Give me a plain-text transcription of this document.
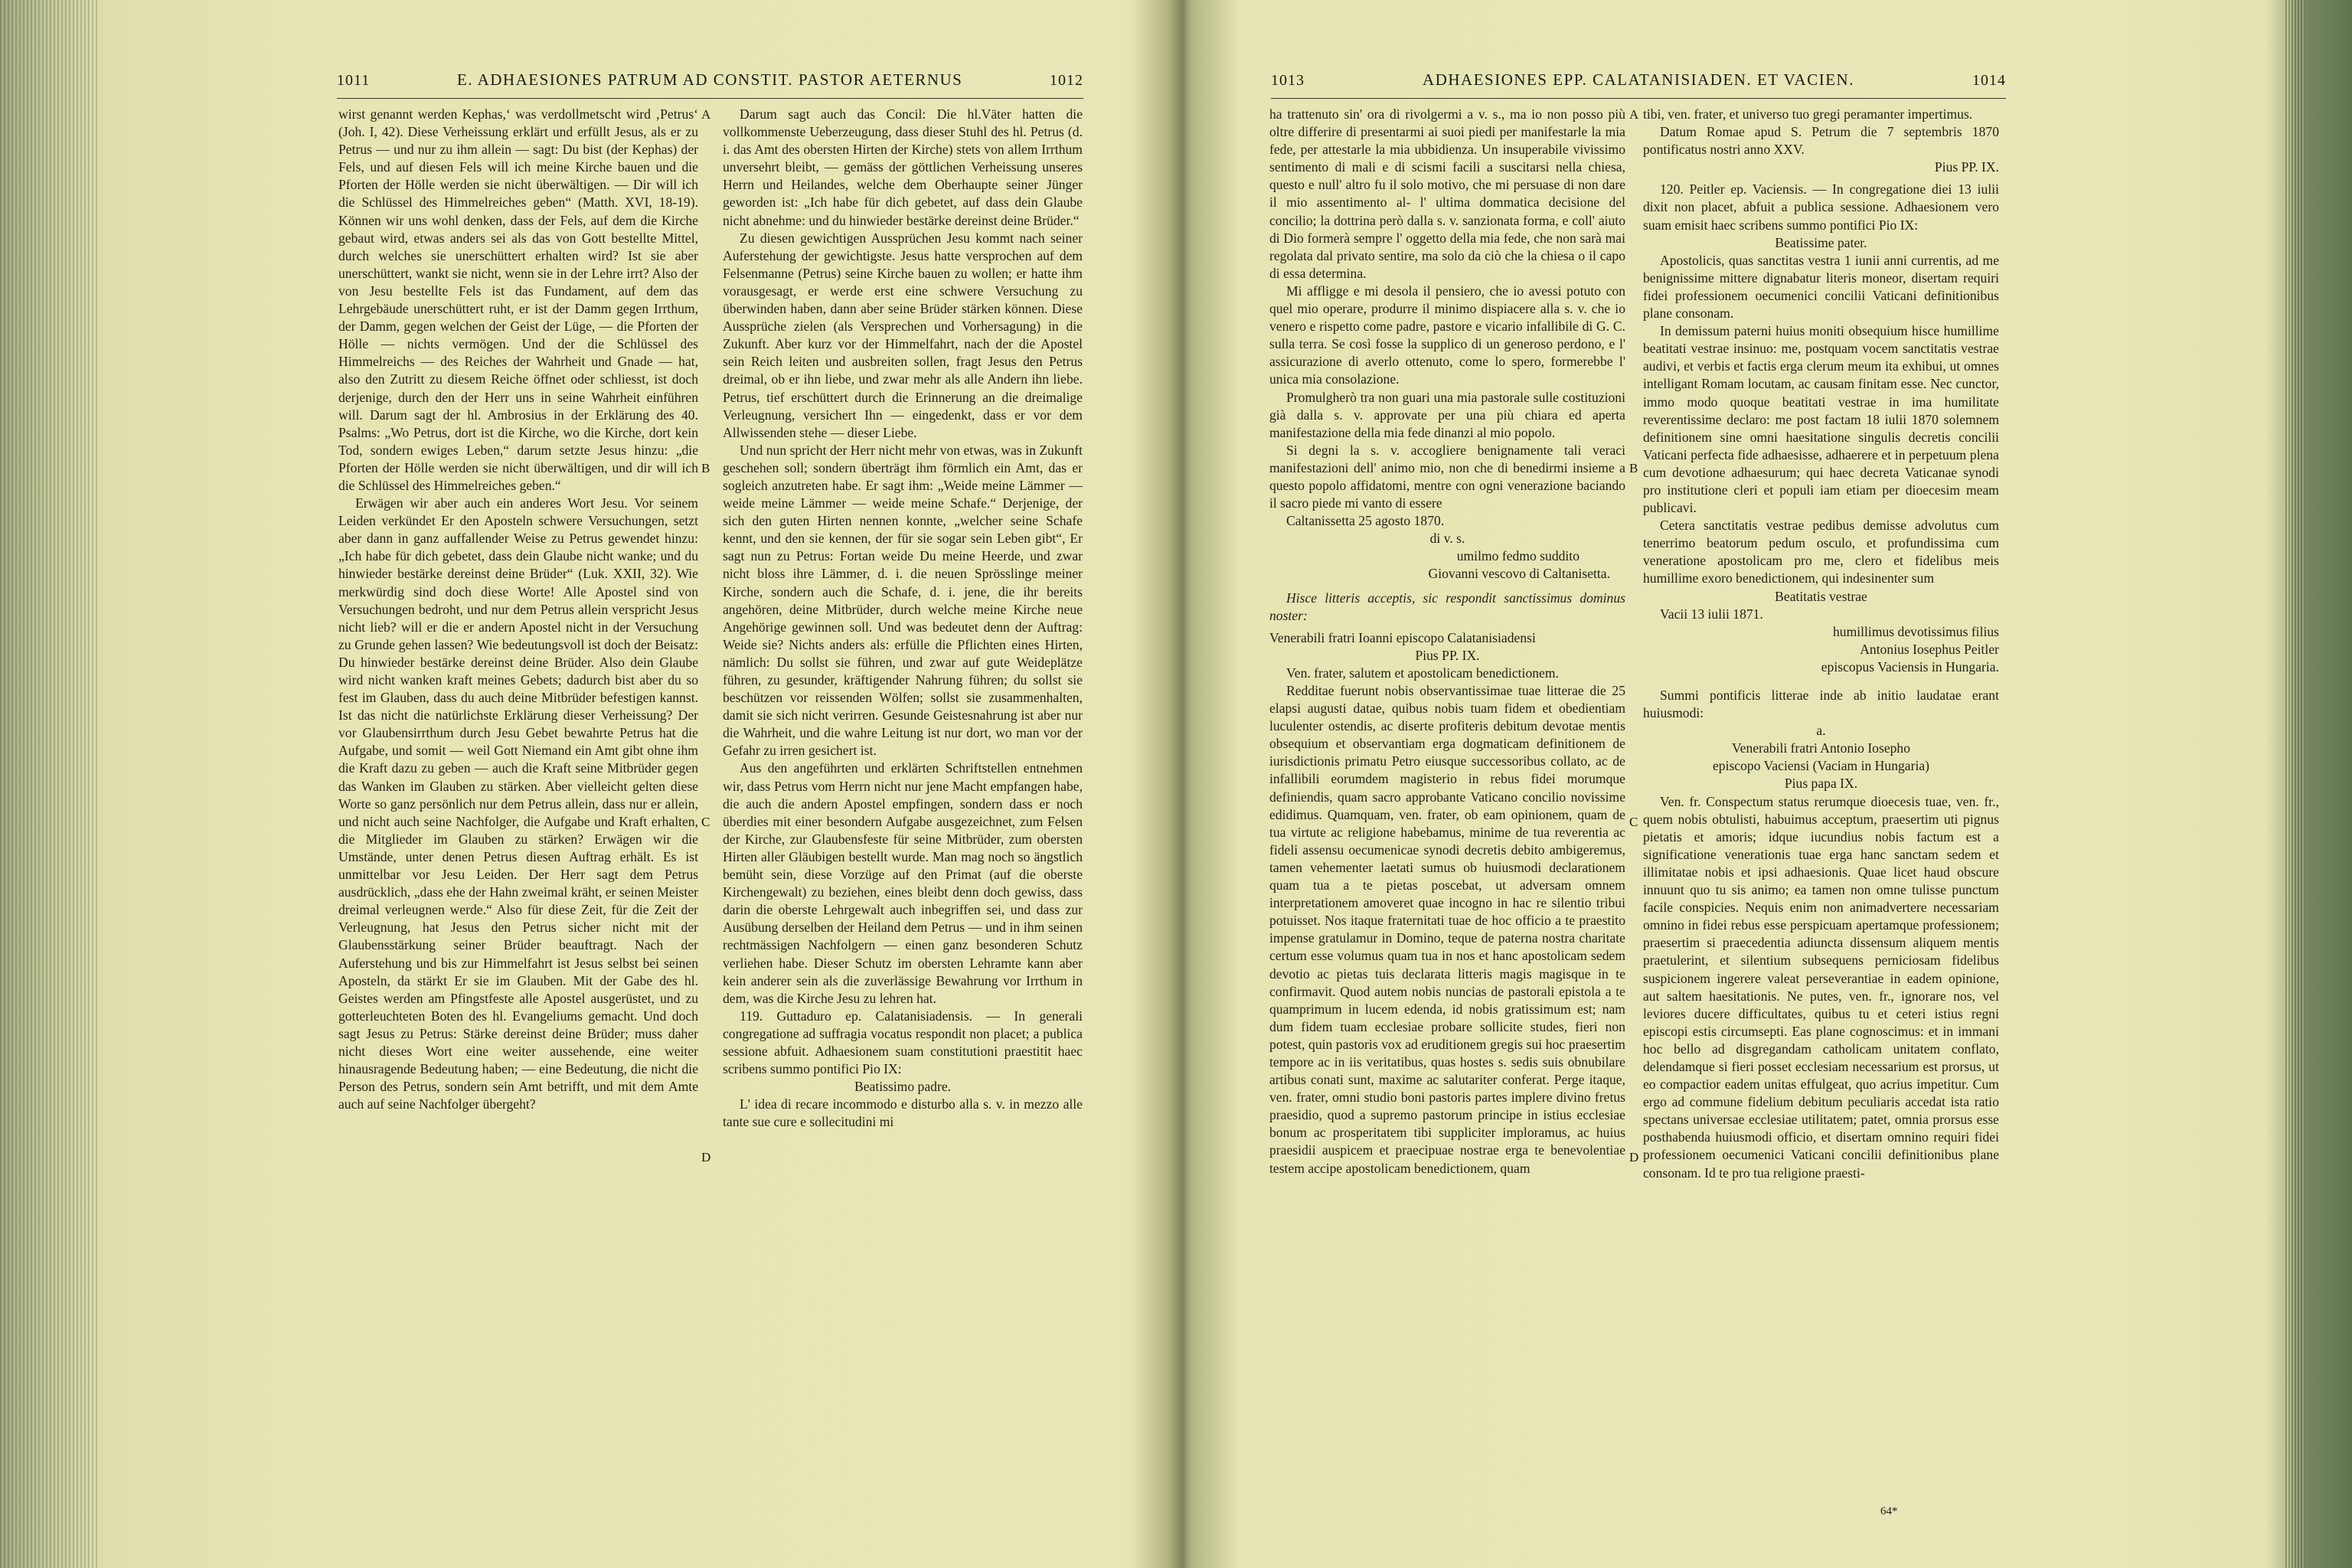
1011	E. ADHAESIONES PATRUM AD CONSTIT. PASTOR AETERNUS	1012

wirst genannt werden Kephas,‘ was verdollmetscht wird ‚Petrus‘ (Joh. I, 42). Diese Verheissung erklärt und erfüllt Jesus, als er zu Petrus — und nur zu ihm allein — sagt: Du bist (der Kephas) der Fels, und auf diesen Fels will ich meine Kirche bauen und die Pforten der Hölle werden sie nicht überwältigen. — Dir will ich die Schlüssel des Himmelreiches geben“ (Matth. XVI, 18-19). Können wir uns wohl denken, dass der Fels, auf dem die Kirche gebaut wird, etwas anders sei als das von Gott bestellte Mittel, durch welches sie unerschüttert erhalten wird? Ist sie aber unerschüttert, wankt sie nicht, wenn sie in der Lehre irrt? Also der von Jesu bestellte Fels ist das Fundament, auf dem das Lehrgebäude unerschüttert ruht, er ist der Damm gegen Irrthum, der Damm, gegen welchen der Geist der Lüge, — die Pforten der Hölle — nichts vermögen. Und der die Schlüssel des Himmelreichs — des Reiches der Wahrheit und Gnade — hat, also den Zutritt zu diesem Reiche öffnet oder schliesst, ist doch derjenige, durch den der Herr uns in seine Wahrheit einführen will. Darum sagt der hl. Ambrosius in der Erklärung des 40. Psalms: „Wo Petrus, dort ist die Kirche, wo die Kirche, dort kein Tod, sondern ewiges Leben,“ darum setzte Jesus hinzu: „die Pforten der Hölle werden sie nicht überwältigen, und dir will ich die Schlüssel des Himmelreiches geben.“

Erwägen wir aber auch ein anderes Wort Jesu. Vor seinem Leiden verkündet Er den Aposteln schwere Versuchungen, setzt aber dann in ganz auffallender Weise zu Petrus gewendet hinzu: „Ich habe für dich gebetet, dass dein Glaube nicht wanke; und du hinwieder bestärke dereinst deine Brüder“ (Luk. XXII, 32). Wie merkwürdig sind doch diese Worte! Alle Apostel sind von Versuchungen bedroht, und nur dem Petrus allein verspricht Jesus nicht lieb? will er die er andern Apostel nicht in der Versuchung zu Grunde gehen lassen? Wie bedeutungsvoll ist doch der Beisatz: Du hinwieder bestärke dereinst deine Brüder. Also dein Glaube wird nicht wanken kraft meines Gebets; dadurch bist aber du so fest im Glauben, dass du auch deine Mitbrüder befestigen kannst. Ist das nicht die natürlichste Erklärung dieser Verheissung? Der vor Glaubensirrthum durch Jesu Gebet bewahrte Petrus hat die Aufgabe, und somit — weil Gott Niemand ein Amt gibt ohne ihm die Kraft dazu zu geben — auch die Kraft seine Mitbrüder gegen das Wanken im Glauben zu stärken. Aber vielleicht gelten diese Worte so ganz persönlich nur dem Petrus allein, dass nur er allein, und nicht auch seine Nachfolger, die Aufgabe und Kraft erhalten, die Mitglieder im Glauben zu stärken? Erwägen wir die Umstände, unter denen Petrus diesen Auftrag erhält. Es ist unmittelbar vor Jesu Leiden. Der Herr sagt dem Petrus ausdrücklich, „dass ehe der Hahn zweimal kräht, er seinen Meister dreimal verleugnen werde.“ Also für diese Zeit, für die Zeit der Verleugnung, hat Jesus den Petrus sicher nicht mit der Glaubensstärkung seiner Brüder beauftragt. Nach der Auferstehung und bis zur Himmelfahrt ist Jesus selbst bei seinen Aposteln, da stärkt Er sie im Glauben. Mit der Gabe des hl. Geistes werden am Pfingstfeste alle Apostel ausgerüstet, und zu gotterleuchteten Boten des hl. Evangeliums gemacht. Und doch sagt Jesus zu Petrus: Stärke dereinst deine Brüder; muss daher nicht dieses Wort eine weiter aussehende, eine weiter hinausragende Bedeutung haben; — eine Bedeutung, die nicht die Person des Petrus, sondern sein Amt betrifft, und mit dem Amte auch auf seine Nachfolger übergeht?

Darum sagt auch das Concil: Die hl.Väter hatten die vollkommenste Ueberzeugung, dass dieser Stuhl des hl. Petrus (d. i. das Amt des obersten Hirten der Kirche) stets von allem Irrthum unversehrt bleibt, — gemäss der göttlichen Verheissung unseres Herrn und Heilandes, welche dem Oberhaupte seiner Jünger geworden ist: „Ich habe für dich gebetet, auf dass dein Glaube nicht abnehme: und du hinwieder bestärke dereinst deine Brüder.“

Zu diesen gewichtigen Aussprüchen Jesu kommt nach seiner Auferstehung der gewichtigste. Jesus hatte versprochen auf dem Felsenmanne (Petrus) seine Kirche bauen zu wollen; er hatte ihm vorausgesagt, er werde erst eine schwere Versuchung zu überwinden haben, dann aber seine Brüder stärken können. Diese Aussprüche zielen (als Versprechen und Vorhersagung) in die Zukunft. Aber kurz vor der Himmelfahrt, nach der die Apostel sein Reich leiten und ausbreiten sollen, fragt Jesus den Petrus dreimal, ob er ihn liebe, und zwar mehr als alle Andern ihn liebe. Petrus, tief erschüttert durch die Erinnerung an die dreimalige Verleugnung, versichert Ihn — eingedenkt, dass er vor dem Allwissenden stehe — dieser Liebe.

Und nun spricht der Herr nicht mehr von etwas, was in Zukunft geschehen soll; sondern überträgt ihm förmlich ein Amt, das er sogleich anzutreten habe. Er sagt ihm: „Weide meine Lämmer — weide meine Lämmer — weide meine Schafe.“ Derjenige, der sich den guten Hirten nennen konnte, „welcher seine Schafe kennt, und den sie kennen, der für sie sogar sein Leben gibt“, Er sagt nun zu Petrus: Fortan weide Du meine Heerde, und zwar nicht bloss ihre Lämmer, d. i. die neuen Sprösslinge meiner Kirche, sondern auch die Schafe, d. i. jene, die ihr bereits angehören, deine Mitbrüder, durch welche meine Kirche neue Angehörige gewinnen soll. Und was bedeutet denn der Auftrag: Weide sie? Nichts anders als: erfülle die Pflichten eines Hirten, nämlich: Du sollst sie führen, und zwar auf gute Weideplätze führen, zu gesunder, kräftigender Nahrung führen; du sollst sie beschützen vor reissenden Wölfen; sollst sie zusammenhalten, damit sie sich nicht verirren. Gesunde Geistesnahrung ist aber nur die Wahrheit, und die wahre Leitung ist nur dort, wo man vor der Gefahr zu irren gesichert ist.

Aus den angeführten und erklärten Schriftstellen entnehmen wir, dass Petrus vom Herrn nicht nur jene Macht empfangen habe, die auch die andern Apostel empfingen, sondern dass er noch überdies mit einer besondern Aufgabe ausgezeichnet, zum Felsen der Kirche, zur Glaubensfeste für seine Mitbrüder, zum obersten Hirten aller Gläubigen bestellt wurde. Man mag noch so ängstlich bemüht sein, diese Vorzüge auf den Primat (auf die oberste Kirchengewalt) zu beziehen, eines bleibt denn doch gewiss, dass darin die oberste Lehrgewalt auch inbegriffen sei, und dass zur Ausübung derselben der Heiland dem Petrus — und in ihm seinen rechtmässigen Nachfolgern — einen ganz besonderen Schutz verliehen habe. Dieser Schutz im obersten Lehramte kann aber kein anderer sein als die zuverlässige Bewahrung vor Irrthum in dem, was die Kirche Jesu zu lehren hat.

119. Guttaduro ep. Calatanisiadensis. — In generali congregatione ad suffragia vocatus respondit non placet; a publica sessione abfuit. Adhaesionem suam constitutioni praestitit haec scribens summo pontifici Pio IX:

Beatissimo padre.

L' idea di recare incommodo e disturbo alla s. v. in mezzo alle tante sue cure e sollecitudini mi

A
B
C
D
1013	ADHAESIONES EPP. CALATANISIADEN. ET VACIEN.	1014

ha trattenuto sin' ora di rivolgermi a v. s., ma io non posso più oltre differire di presentarmi ai suoi piedi per manifestarle la mia fede, per attestarle la mia ubbidienza. Un insuperabile vivissimo sentimento di mali e di scismi facili a suscitarsi nella chiesa, questo e null' altro fu il solo motivo, che mi persuase di non dare il mio assentimento al- l' ultima dommatica decisione del concilio; la dottrina però dalla s. v. sanzionata forma, e coll' aiuto di Dio formerà sempre l' oggetto della mia fede, che non sarà mai regolata dal privato sentire, ma solo da ciò che la chiesa o il capo di essa determina.

Mi affligge e mi desola il pensiero, che io avessi potuto con quel mio operare, produrre il minimo dispiacere alla s. v. che io venero e rispetto come padre, pastore e vicario infallibile di G. C. sulla terra. Se così fosse la supplico di un generoso perdono, e l' assicurazione di averlo ottenuto, come lo spero, formerebbe l' unica mia consolazione.

Promulgherò tra non guari una mia pastorale sulle costituzioni già dalla s. v. approvate per una più chiara ed aperta manifestazione della mia fede dinanzi al mio popolo.

Si degni la s. v. accogliere benignamente tali veraci manifestazioni dell' animo mio, non che di benedirmi insieme a questo popolo affidatomi, mentre con ogni venerazione baciando il sacro piede mi vanto di essere

Caltanissetta 25 agosto 1870.

di v. s.

umilmo fedmo suddito

Giovanni vescovo di Caltanisetta.

Hisce litteris acceptis, sic respondit sanctissimus dominus noster:

Venerabili fratri Ioanni episcopo Calatanisiadensi

Pius PP. IX.

Ven. frater, salutem et apostolicam benedictionem.

Redditae fuerunt nobis observantissimae tuae litterae die 25 elapsi augusti datae, quibus nobis tuam fidem et obedientiam luculenter ostendis, ac diserte profiteris debitum devotae mentis obsequium et observantiam erga dogmaticam definitionem de iurisdictionis primatu Petro eiusque successoribus collato, ac de infallibili eorumdem magisterio in rebus fidei morumque definiendis, quam sacro approbante Vaticano concilio novissime edidimus. Quamquam, ven. frater, ob eam opinionem, quam de tua virtute ac religione habebamus, minime de tua reverentia ac fideli assensu oecumenicae synodi decretis debito ambigeremus, tamen vehementer laetati sumus ob huiusmodi declarationem quam tua a te pietas poscebat, ut adversam omnem interpretationem amoveret quae incogno in hac re silentio tribui potuisset. Nos itaque fraternitati tuae de hoc officio a te praestito impense gratulamur in Domino, teque de paterna nostra charitate certum esse volumus quam tua in nos et hanc apostolicam sedem devotio ac pietas tuis declarata litteris magis magisque in te confirmavit. Quod autem nobis nuncias de pastorali epistola a te quamprimum in lucem edenda, id nobis gratissimum est; nam dum fidem tuam ecclesiae probare sollicite studes, fieri non potest, quin pastoris vox ad eruditionem gregis sui hoc praesertim tempore ac in iis veritatibus, quas hostes s. sedis suis obnubilare artibus conati sunt, maxime ac salutariter conferat. Perge itaque, ven. frater, omni studio boni pastoris partes implere divino fretus praesidio, quod a supremo pastorum principe in istius ecclesiae bonum ac prosperitatem tibi suppliciter imploramus, ac huius praesidii auspicem et praecipuae nostrae erga te benevolentiae testem accipe apostolicam benedictionem, quam

tibi, ven. frater, et universo tuo gregi peramanter impertimus.

Datum Romae apud S. Petrum die 7 septembris 1870 pontificatus nostri anno XXV.

Pius PP. IX.

120. Peitler ep. Vaciensis. — In congregatione diei 13 iulii dixit non placet, abfuit a publica sessione. Adhaesionem vero suam emisit haec scribens summo pontifici Pio IX:

Beatissime pater.

Apostolicis, quas sanctitas vestra 1 iunii anni currentis, ad me benignissime mittere dignabatur literis moneor, disertam requiri fidei professionem oecumenici concilii Vaticani definitionibus plane consonam.

In demissum paterni huius moniti obsequium hisce humillime beatitati vestrae insinuo: me, postquam vocem sanctitatis vestrae audivi, et verbis et factis erga clerum meum ita exhibui, ut omnes intelligant Romam locutam, ac causam finitam esse. Nec cunctor, immo modo quoque beatitati vestrae in ima humilitate reverentissime declaro: me post factam 18 iulii 1870 solemnem definitionem sine omni haesitatione singulis decretis concilii Vaticani perfecta fide adhaesisse, adhaerere et in perpetuum plena cum devotione adhaesurum; qui haec decreta Vaticanae synodi pro institutione cleri et populi iam etiam per dioecesim meam publicavi.

Cetera sanctitatis vestrae pedibus demisse advolutus cum tenerrimo beatorum pedum osculo, et profundissima cum veneratione apostolicam pro me, clero et fidelibus meis humillime exoro benedictionem, qui indesinenter sum

Beatitatis vestrae

Vacii 13 iulii 1871.

humillimus devotissimus filius

Antonius Iosephus Peitler

episcopus Vaciensis in Hungaria.

Summi pontificis litterae inde ab initio laudatae erant huiusmodi:

a.

Venerabili fratri Antonio Iosepho

episcopo Vaciensi (Vaciam in Hungaria)

Pius papa IX.

Ven. fr. Conspectum status rerumque dioecesis tuae, ven. fr., quem nobis obtulisti, habuimus acceptum, praesertim uti pignus pietatis et amoris; idque iucundius nobis factum est a significatione venerationis tuae erga hanc sanctam sedem et illimitatae nobis et ipsi adhaesionis. Quae licet haud obscure innuunt quo tu sis animo; ea tamen non omne tulisse punctum facile conspicies. Nequis enim non animadvertere necessariam omnino in fidei rebus esse perspicuam apertamque professionem; praesertim si praecedentia adiuncta dissensum aliquem mentis praetulerint, et silentium subsequens perniciosam fidelibus suspicionem ingerere valeat perseverantiae in eadem opinione, aut saltem haesitationis. Ne putes, ven. fr., ignorare nos, vel leviores ducere difficultates, quibus tu et ceteri istius regni episcopi estis circumsepti. Eas plane cognoscimus: et in immani hoc bello ad disgregandam catholicam unitatem conflato, delendamque si fieri posset ecclesiam necessarium est prorsus, ut eo compactior eadem unitas effulgeat, quo acrius impetitur. Cum ergo ad commune fidelium debitum peculiaris accedat ista ratio spectans universae ecclesiae utilitatem; patet, omnia prorsus esse posthabenda huiusmodi officio, et disertam omnino requiri fidei professionem oecumenici Vaticani concilii definitionibus plane consonam. Id te pro tua religione praesti-

A
B
C
D
64*
